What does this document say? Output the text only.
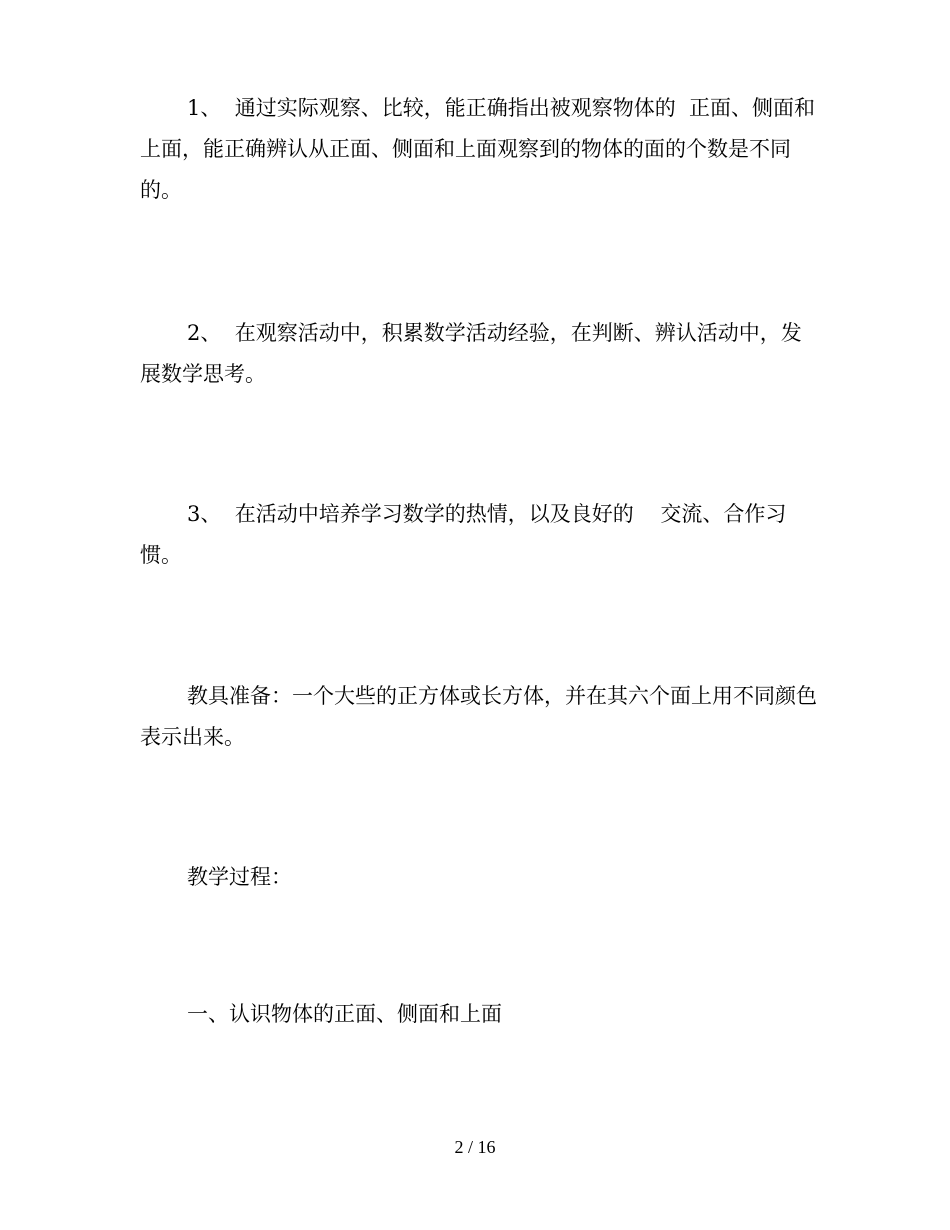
1、  通过实际观察、比较，能正确指出被观察物体的  正面、侧面和上面，能正确辨认从正面、侧面和上面观察到的物体的面的个数是不同的。

2、  在观察活动中，积累数学活动经验，在判断、辨认活动中，发展数学思考。

3、  在活动中培养学习数学的热情，以及良好的    交流、合作习惯。

教具准备：一个大些的正方体或长方体，并在其六个面上用不同颜色表示出来。

教学过程：

一、认识物体的正面、侧面和上面

2 / 16
